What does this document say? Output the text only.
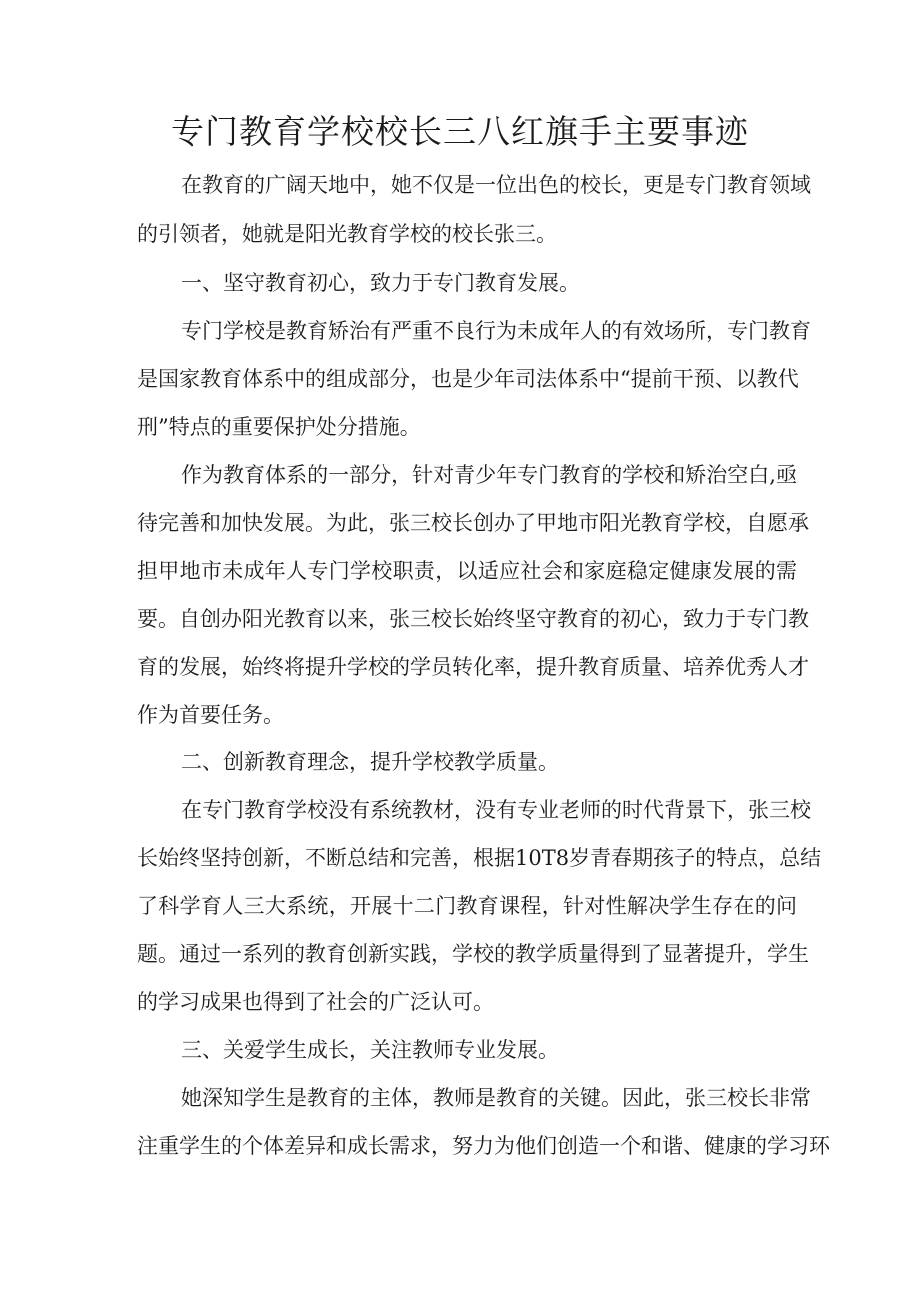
专门教育学校校长三八红旗手主要事迹
在教育的广阔天地中，她不仅是一位出色的校长，更是专门教育领域
的引领者，她就是阳光教育学校的校长张三。
一、坚守教育初心，致力于专门教育发展。
专门学校是教育矫治有严重不良行为未成年人的有效场所，专门教育
是国家教育体系中的组成部分，也是少年司法体系中“提前干预、以教代
刑”特点的重要保护处分措施。
作为教育体系的一部分，针对青少年专门教育的学校和矫治空白,亟
待完善和加快发展。为此，张三校长创办了甲地市阳光教育学校，自愿承
担甲地市未成年人专门学校职责，以适应社会和家庭稳定健康发展的需
要。自创办阳光教育以来，张三校长始终坚守教育的初心，致力于专门教
育的发展，始终将提升学校的学员转化率，提升教育质量、培养优秀人才
作为首要任务。
二、创新教育理念，提升学校教学质量。
在专门教育学校没有系统教材，没有专业老师的时代背景下，张三校
长始终坚持创新，不断总结和完善，根据10T8岁青春期孩子的特点，总结
了科学育人三大系统，开展十二门教育课程，针对性解决学生存在的问
题。通过一系列的教育创新实践，学校的教学质量得到了显著提升，学生
的学习成果也得到了社会的广泛认可。
三、关爱学生成长，关注教师专业发展。
她深知学生是教育的主体，教师是教育的关键。因此，张三校长非常
注重学生的个体差异和成长需求，努力为他们创造一个和谐、健康的学习环
